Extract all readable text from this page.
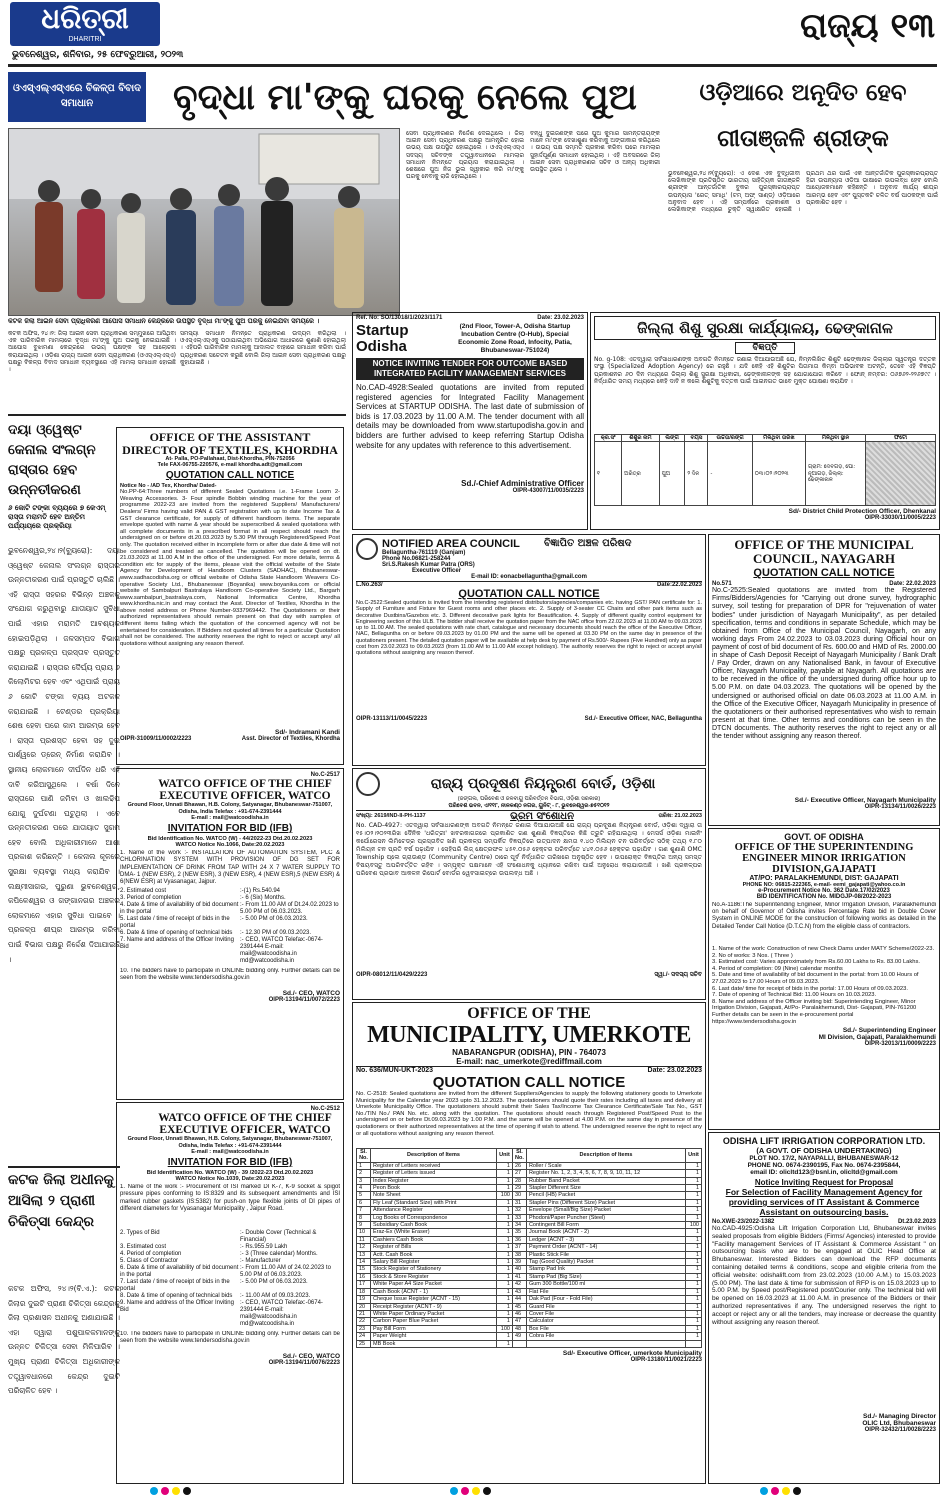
ଧରିତ୍ରୀ
DHARITRI
ଭୁବନେଶ୍ୱର, ଶନିବାର, ୨୫ ଫେବ୍ରୁଆରୀ, ୨୦୨୩
ରାଜ୍ୟ ୧୩
ଓଏସ୍ଏଲ୍ଏସ୍ଏରେ ବିକଳ୍ପ ବିବାଦ ସମାଧାନ	ବୃଦ୍ଧା ମା'ଙ୍କୁ ଘରକୁ ନେଲେ ପୁଅ	ଓଡ଼ିଆରେ ଅନୂଦିତ ହେବ ଗୀତାଞ୍ଜଳି ଶ୍ରୀଙ୍କ
କଟକ ଜିଲା ଆଇନ ସେବା ପ୍ରାଧିକରଣ ଆପୋସ ସମାଧାନ କେନ୍ଦ୍ରରେ ଉପସ୍ଥିତ ବୃଦ୍ଧା ମା'ଙ୍କୁ ପୁଅ ଘରକୁ ନେଇଯିବା ସମୟରେ ।
ସେବା ପ୍ରାଧିକରଣର ନିର୍ଦ୍ଦେଶ ଦେଇଥିଲେ । ଜିଲା ଆଇନ ସେବା ପ୍ରାଧିକରଣ ପକ୍ଷରୁ ଆମନ୍ତ୍ରିତ ହୋଇ ଉଭୟ ପକ୍ଷ ଉପସ୍ଥିତ ହୋଇଥିଲେ । ଓଏସ୍ଏଲ୍ଏସ୍ଏ ସଦସ୍ୟ ସଚିବଙ୍କ ତତ୍ତ୍ୱାବଧାନରେ ମାମଲାର ସମାଧାନ ନିମନ୍ତେ ପ୍ରୟାସ କରାଯାଇଥିଲା । ଶେଷରେ ପୁଅ ନିଜ ଭୁଲ ସ୍ୱୀକାର କରି ମା'ଙ୍କୁ ଘରକୁ ନେବାକୁ ରାଜି ହୋଇଥିଲେ ।
ବନ୍ଧୁ ଦୁଇଜଣଙ୍କ ପରେ ପୁଅ କୁମାର ସାମନ୍ତରାୟଙ୍କ ମାନେ ମା'ଙ୍କ ଦେଖାଶୁଣା କରିବାକୁ ଅଙ୍ଗୀକାର କରିଥିଲେ । ଉଭୟ ପକ୍ଷ ସମ୍ମତି ପ୍ରକାଶ କରିବା ପରେ ମାମଲାର ସୁହାର୍ଦ୍ଦପୂର୍ଣ୍ଣ ସମାଧାନ ହୋଇଥିଲା । ଏହି ଅବସରରେ ଜିଲା ଆଇନ ସେବା ପ୍ରାଧିକରଣର ସଚିବ ଓ ଅନ୍ୟ ଅଧିକାରୀ ଉପସ୍ଥିତ ଥିଲେ ।
ଭୁବନେଶ୍ୱର,୨୪।୨(ବ୍ୟୁରୋ): ଏ ଦେଶ ଏକ ବୁଦ୍ଧିଜୀବୀ ଲେଖିକାଙ୍କ ପ୍ରତିଷ୍ଠିତ ଭାରତୀୟ ସାହିତ୍ୟିକ ଗୀତାଞ୍ଜଳି ଶ୍ରୀଙ୍କ ଆନ୍ତର୍ଜାତିକ ବୁକର ପୁରସ୍କାରପ୍ରାପ୍ତ ଉପନ୍ୟାସ 'ରେତ୍ ସମାଧି' (ଟମ୍ ଅଫ୍ ସାଣ୍ଡ୍) ଓଡ଼ିଆରେ ଅନୁବାଦ ହେବ । ଏହି ସମ୍ପର୍କରେ ପ୍ରକାଶକ ଓ ଲେଖିକାଙ୍କ ମଧ୍ୟରେ ଚୁକ୍ତି ସ୍ୱାକ୍ଷରିତ ହୋଇଛି । ପ୍ରଥମ ଥର ପାଇଁ ଏକ ଆନ୍ତର୍ଜାତିକ ପୁରସ୍କାରପ୍ରାପ୍ତ ହିନ୍ଦୀ ଉପନ୍ୟାସ ଓଡ଼ିଆ ଭାଷାରେ ଉପଲବ୍ଧ ହେବ ବୋଲି ଆୟୋଜକମାନେ କହିଛନ୍ତି । ଅନୁବାଦ କାର୍ଯ୍ୟ ଶୀଘ୍ର ଆରମ୍ଭ ହେବ ଏବଂ ପୁସ୍ତକଟି ଚଳିତ ବର୍ଷ ପାଠକଙ୍କ ପାଇଁ ପ୍ରକାଶିତ ହେବ ।
କଟକ ଅଫିସ, ୨୪।୨: ଜିଲା ଆଇନ ସେବା ପ୍ରାଧିକରଣ ସମ୍ମୁଖରେ ଆସିଥିବା ଏକ ପାରିବାରିକ ମାମଲାରେ ବୃଦ୍ଧା ମା'ଙ୍କୁ ପୁଅ ଘରକୁ ନେଇଯାଇଛି । ଆପୋସ ବୁଝାମଣା କେନ୍ଦ୍ରରେ ଉଭୟ ପକ୍ଷଙ୍କ ସହ ଆଲୋଚନା କରାଯାଇଥିଲା । ଓଡ଼ିଶା ରାଜ୍ୟ ଆଇନ ସେବା ପ୍ରାଧିକରଣ (ଓଏସ୍ଏଲ୍ଏସ୍ଏ) ପକ୍ଷରୁ ବିକଳ୍ପ ବିବାଦ ସମାଧାନ ବ୍ୟବସ୍ଥାରେ ଏହି ମାମଲା ସମାଧାନ ହୋଇଛି ।
ସମସ୍ୟା ସମାଧାନ ନିମନ୍ତେ ପ୍ରାଧିକରଣ ଉଦ୍ୟମ କରିଥିଲା । ଓଏସ୍ଏଲ୍ଏସ୍ଏକୁ ପଠାଯାଇଥିବା ଅଭିଯୋଗ ଆଧାରରେ ଶୁଣାଣି ହୋଇଥିଲା । ଏହିପରି ପାରିବାରିକ ମାମଲାକୁ ଆଦାଲତ ବାହାରେ ସମାଧାନ କରିବା ପାଇଁ ପ୍ରାଧିକରଣ ସଚେତନ କରୁଛି ବୋଲି ଜିଲା ଆଇନ ସେବା ପ୍ରାଧିକରଣ ପକ୍ଷରୁ କୁହାଯାଇଛି ।
ଦୟା ଓ୍ୱେଷ୍ଟ କେନାଲ ସଂଲଗ୍ନ ରାସ୍ତାର ହେବ ଉନ୍ନତୀକରଣ
୬ କୋଟି ଟଙ୍କା ବ୍ୟୟରେ ୭ କେଏମ୍ ରାସ୍ତା ମରାମତି ହେବ ଅନ୍ତିମ ପର୍ଯ୍ୟାୟରେ ପ୍ରକ୍ରିୟା
ଭୁବନେଶ୍ୱର,୨୪।୨(ବ୍ୟୁରୋ): ଦୟା ଓ୍ୱେଷ୍ଟ କେନାଲ ସଂଲଗ୍ନ ରାସ୍ତାର ଉନ୍ନତୀକରଣ ପାଇଁ ପ୍ରସ୍ତୁତି ଚାଲିଛି । ଏହି ରାସ୍ତା ସହରର ବିଭିନ୍ନ ଅଞ୍ଚଳକୁ ସଂଯୋଗ କରୁଥିବାରୁ ଯାତାୟାତ ସୁବିଧା ପାଇଁ ଏହାର ମରାମତି ଆବଶ୍ୟକ ହୋଇପଡ଼ିଥିଲା । ଜଳସମ୍ପଦ ବିଭାଗ ପକ୍ଷରୁ ପ୍ରକଳ୍ପ ପ୍ରସ୍ତାବ ପ୍ରସ୍ତୁତ କରାଯାଇଛି । ରାସ୍ତାର ଦୈର୍ଘ୍ୟ ପ୍ରାୟ ୭ କିଲୋମିଟର ହେବ ଏବଂ ଏଥିପାଇଁ ପ୍ରାୟ ୬ କୋଟି ଟଙ୍କା ବ୍ୟୟ ଅଟକଳ କରାଯାଇଛି । ଟେଣ୍ଡର ପ୍ରକ୍ରିୟା ଶେଷ ହେବା ପରେ କାମ ଆରମ୍ଭ ହେବ । ରାସ୍ତା ପ୍ରଶସ୍ତ ହେବା ସହ ଦୁଇ ପାର୍ଶ୍ୱରେ ଡ୍ରେନ୍ ନିର୍ମାଣ କରାଯିବ । ସ୍ଥାନୀୟ ଲୋକମାନେ ଦୀର୍ଘଦିନ ଧରି ଏହି ଦାବି କରିଆସୁଥିଲେ । ବର୍ଷା ଦିନେ ରାସ୍ତାରେ ପାଣି ଜମିବା ଓ ଖାଲଢିପ ଯୋଗୁ ଦୁର୍ଘଟଣା ଘଟୁଥିଲା । ଏବେ ଉନ୍ନତୀକରଣ ପରେ ଯାତାୟାତ ସୁଗମ ହେବ ବୋଲି ଅଧିକାରୀମାନେ ଆଶା ପ୍ରକାଶ କରିଛନ୍ତି । କେନାଲ କୂଳରେ ସୁରକ୍ଷା ବ୍ୟବସ୍ଥା ମଧ୍ୟ କରାଯିବ । ଲକ୍ଷ୍ମୀସାଗର, ପୁରୁଣା ଭୁବନେଶ୍ୱର, କପିଳେଶ୍ୱର ଓ ଗଙ୍ଗାନଗର ଅଞ୍ଚଳର ଲୋକମାନେ ଏହାର ସୁବିଧା ପାଇବେ । ପ୍ରକଳ୍ପ ଶୀଘ୍ର ଆରମ୍ଭ କରିବା ପାଇଁ ବିଭାଗ ପକ୍ଷରୁ ନିର୍ଦ୍ଦେଶ ଦିଆଯାଇଛି ।
କଟକ ଜିଲା ଅଧୀନକୁ ଆସିଲା ୨ ପ୍ରାଣୀ ଚିକିତ୍ସା କେନ୍ଦ୍ର
କଟକ ଅଫିସ, ୨୪।୨(ବି.ଏ.): କଟକ ଜିଲାର ଦୁଇଟି ପ୍ରାଣୀ ଚିକିତ୍ସା କେନ୍ଦ୍ରକୁ ଜିଲା ପ୍ରଶାସନ ଅଧୀନକୁ ଅଣାଯାଇଛି । ଏହା ଦ୍ୱାରା ପଶୁପାଳକମାନଙ୍କୁ ଉନ୍ନତ ଚିକିତ୍ସା ସେବା ମିଳିପାରିବ । ମୁଖ୍ୟ ପ୍ରାଣୀ ଚିକିତ୍ସା ଅଧିକାରୀଙ୍କ ତତ୍ତ୍ୱାବଧାନରେ କେନ୍ଦ୍ର ଦୁଇଟି ପରିଚାଳିତ ହେବ ।
OFFICE OF THE ASSISTANT DIRECTOR OF TEXTILES, KHORDHA
At- Palla, PO-Pallahaat, Dist-Khordha, PIN-752056
Tele FAX-06755-220576, e-mail khordha.adt@gmail.com
QUOTATION CALL NOTICE
Notice No - /AD Tex, Khordha/ Dated-
No.PP-64:Three numbers of different Sealed Quotations i.e. 1-Frame Loom 2- Weaving Accessories. 3- Four spindle Bobbin winding machine for the year of programme 2022-23 are invited from the registered Suppliers/ Manufacturers/ Dealers/ Firms having valid PAN & GST registration with up to date Income Tax & GST clearance certificate, for supply of different handloom items. The separate envelope quoted with name & year should be superscribed & sealed quotations with all complete documents in a prescribed format in all respect should reach the undersigned on or before dt.20.03.2023 by 5.30 PM through Registered/Speed Post only. The quotation received either in incomplete form or after due date & time will not be considered and treated as cancelled. The quotation will be opened on dt. 21.03.2023 at 11.00 A.M in the office of the undersigned. For more details, terms & condition etc for supply of the items, please visit the official website of the State Agency for Development of Handloom Clusters (SADHAC), Bhubaneswar-www.sadhacodisha.org or official website of Odisha State Handloom Weavers Co-operative Society Ltd., Bhubaneswar (Boyanika) www.boyanika.com or official website of Sambalpuri Bastralaya Handloom Co-operative Society Ltd., Bargarh www.sambalpuri_bastralaya.com, National Informatics Centre, Khordha www.khordha.nic.in and may contact the Asst. Director of Textiles, Khordha in the above noted address or Phone Number-9337969442. The Quotationers or their authorized representatives should remain present on that day with samples of different items failing which the quotation of the concerned agency will not be entertained for consideration. If Bidders not quoted all times for a particular Quotation shall not be considered. The authority reserves the right to reject or accept any/ all quotations without assigning any reason thereof.
Sd/- Indramani Kandi
OIPR-31009/11/0002/2223	Asst. Director of Textiles, Khordha
Ref. No: SO/13018/1/2023/1171	Date: 23.02.2023
Startup Odisha
(2nd Floor, Tower-A, Odisha Startup Incubation Centre (O-Hub), Special Economic Zone Road, Infocity, Patia, Bhubaneswar-751024)
NOTICE INVITING TENDER FOR OUTCOME BASED INTEGRATED FACILITY MANAGEMENT SERVICES
No.CAD-4928:Sealed quotations are invited from reputed registered agencies for Integrated Facility Management Services at STARTUP ODISHA. The last date of submission of bids is 17.03.2023 by 11.00 A.M. The tender document with all details may be downloaded from www.startupodisha.gov.in and bidders are further advised to keep referring Startup Odisha website for any updates with reference to this advertisement.
Sd./-Chief Administrative Officer
OIPR-43007/11/0035/2223
ଜିଲ୍ଲା ଶିଶୁ ସୁରକ୍ଷା କାର୍ଯ୍ୟାଳୟ, ଢେଙ୍କାନାଳ
ବିଜ୍ଞପ୍ତି
No. g-108: ଏତଦ୍ୱାରା ସର୍ବସାଧାରଣଙ୍କ ଅବଗତି ନିମନ୍ତେ ଜଣାଇ ଦିଆଯାଉଅଛି ଯେ, ନିମ୍ନଲିଖିତ ଶିଶୁଟି ଢେଙ୍କାନାଳ ଜିଲ୍ଲାର ସ୍ୱତନ୍ତ୍ର ଦତ୍ତକ ସଂସ୍ଥା (Specialized Adoption Agency) ରେ ରହୁଛି । ଯଦି କେହି ଏହି ଶିଶୁଟିର ପିତାମାତା କିମ୍ବା ଅଭିଭାବକ ଅଟନ୍ତି, ତେବେ ଏହି ବିଜ୍ଞପ୍ତି ପ୍ରକାଶନର ୬୦ ଦିନ ମଧ୍ୟରେ ଜିଲ୍ଲା ଶିଶୁ ସୁରକ୍ଷା ଅଧିକାରୀ, ଢେଙ୍କାନାଳଙ୍କ ସହ ଯୋଗାଯୋଗ କରିବେ । ଫୋନ୍ ନମ୍ବର: ୦୬୭୬୨-୨୨୬୭୯୯ । ନିର୍ଦ୍ଧାରିତ ସମୟ ମଧ୍ୟରେ କେହି ଦାବି ନ କଲେ ଶିଶୁଟିକୁ ଦତ୍ତକ ପାଇଁ ଆଇନଗତ ଭାବେ ମୁକ୍ତ ଘୋଷଣା କରାଯିବ ।
କ୍ର.ସଂ	ଶିଶୁର ନାମ	ଲିଙ୍ଗ	ବୟସ	ଉଚ୍ଚତା/ରଙ୍ଗ	ମିଳିଥିବା ତାରିଖ	ମିଳିଥିବା ସ୍ଥାନ	ଫଟୋ
୧	ଅରିତ୍ର	ପୁଅ	୨ ଦିନ	-	୦୩।୦୨।୨୦୨୩	ଗ୍ରାମ: ଦେବଗଡ଼, ପୋ: ନୂଆଗଡ଼, ଜିଲ୍ଲା: ଢେଙ୍କାନାଳ	
Sd/- District Child Protection Officer, Dhenkanal
OIPR-33030/11/0005/2223
NOTIFIED AREA COUNCIL
Bellaguntha-761119 (Ganjam)
Phone No.06821-258244
Sri.S.Rakesh Kumar Patra (ORS)
Executive Officer
ବିଜ୍ଞାପିତ ଅଞ୍ଚଳ ପରିଷଦ
E-mail ID: eonacbellaguntha@gmail.com
L.No.263/	Date:22.02.2023
QUOTATION CALL NOTICE
No.C-2522:Sealed quotation is invited from the intending registered distributors/agencies/companies etc. having GST/ PAN certificate for: 1. Supply of Furniture and Fixture for Guest rooms and other places etc. 2. Supply of 3-seater CC Chairs and other park items such as decorative Dustbins/Gazebos etc. 3. Different decorative park lights for Beautification. 4. Supply of different quality control equipment for Engineering section of this ULB. The bidder shall receive the quotation paper from the NAC office from 22.02.2023 at 11.00 AM to 09.03.2023 up to 11.00 AM. The sealed quotations with rate chart, catalogue and necessary documents should reach the office of the Executive Officer, NAC, Bellaguntha on or before 09.03.2023 by 01.00 PM and the same will be opened at 03.30 PM on the same day in presence of the quotationers present. The detailed quotation paper will be available at help desk by payment of Rs.500/- Rupees (Five Hundred) only as paper cost from 23.02.2023 to 09.03.2023 (from 11.00 AM to 11.00 AM except holidays). The authority reserves the right to reject or accept any/all quotations without assigning any reason thereof.
OIPR-13113/11/0045/2223	Sd./- Executive Officer, NAC, Bellaguntha
OFFICE OF THE MUNICIPAL COUNCIL, NAYAGARH
QUOTATION CALL NOTICE
No.571	Date: 22.02.2023
No.C-2525:Sealed quotations are invited from the Registered Firms/Bidders/Agencies for "Carrying out drone survey, hydrographic survey, soil testing for preparation of DPR for "rejuvenation of water bodies" under jurisdiction of Nayagarh Municipality", as per detailed specification, terms and conditions in separate Schedule, which may be obtained from Office of the Municipal Council, Nayagarh, on any working days From 24.02.2023 to 03.03.2023 during Official hour on payment of cost of bid document of Rs. 600.00 and HMD of Rs. 2000.00 in shape of Cash Deposit Receipt of Nayagarh Municipality / Bank Draft / Pay Order, drawn on any Nationalised Bank, in favour of Executive Officer, Nayagarh Municipality, payable at Nayagarh. All quotations are to be received in the office of the undersigned during office hour up to 5.00 P.M. on date 04.03.2023. The quotations will be opened by the undersigned or authorised official on date 06.03.2023 at 11.00 A.M. in the Office of the Executive Officer, Nayagarh Municipality in presence of the quotationers or their authorised representatives who wish to remain present at that time. Other terms and conditions can be seen in the DTCN documents. The authority reserves the right to reject any or all the tender without assigning any reason thereof.
Sd./- Executive Officer, Nayagarh Municipality
OIPR-13134/11/0026/2223
No.C-2517
WATCO OFFICE OF THE CHIEF EXECUTIVE OFFICER, WATCO
Ground Floor, Unnati Bhawan, H.B. Colony, Satyanagar, Bhubaneswar-751007, Odisha, India Telefax : +91-674-2391444
E-mail : mail@watcoodisha.in
INVITATION FOR BID (IFB)
Bid Identification No. WATCO (W) - 44/2022-23 Dtd.20.02.2023
WATCO Notice No.1066, Date:20.02.2023
1. Name of the work :- INSTALLATION OF AUTOMATION SYSTEM, PLC & CHLORINATION SYSTEM WITH PROVISION OF DG SET FOR IMPLEMENTATION OF DRINK FROM TAP WITH 24 X 7 WATER SUPPLY TO DMA- 1 (NEW ESR), 2 (NEW ESR), 3 (NEW ESR), 4 (NEW ESR),5 (NEW ESR) & 6(NEW ESR) at Vyasanagar, Jajpur.
2. Estimated cost	:-(1) Rs.540.94
3. Period of completion	:- 6 (Six) Months.
4. Date & time of availability of bid document in the portal
:- From 11.00 AM of Dt.24.02.2023 to 5.00 PM of 06.03.2023.
5. Last date / time of receipt of bids in the portal
:- 5.00 PM of 06.03.2023.
6. Date & time of opening of technical bids	:- 12.30 PM of 09.03.2023.
7. Name and address of the Officer Inviting Bid
:- CEO, WATCO Telefax:-0674-2391444 E-mail: mail@watcoodisha.in md@watcoodisha.in
10. The bidders have to participate in ONLINE bidding only. Further details can be seen from the website www.tendersodisha.gov.in
Sd./- CEO, WATCO
OIPR-13194/11/0072/2223
No.C-2512
WATCO OFFICE OF THE CHIEF EXECUTIVE OFFICER, WATCO
Ground Floor, Unnati Bhawan, H.B. Colony, Satyanagar, Bhubaneswar-751007, Odisha, India Telefax : +91-674-2391444
E-mail : mail@watcoodisha.in
INVITATION FOR BID (IFB)
Bid Identification No. WATCO (W) - 39 /2022-23 Dtd.20.02.2023
WATCO Notice No.1039, Date:20.02.2023
1. Name of the work :- Procurement of ISI marked DI K-7, K-9 socket & spigot pressure pipes conforming to IS:8329 and its subsequent amendments and ISI marked rubber gaskets (IS:5382) for push-on type flexible joints of DI pipes of different diameters for Vyasanagar Municipality , Jaipur Road.
2. Types of Bid	:- Double Cover (Technical & Financial)
3. Estimated cost	:- Rs.955.59 Lakh
4. Period of completion	:- 3 (Three calendar) Months.
5. Class of Contractor	:- Manufacturer
6. Date & time of availability of bid document in the portal
:- From 11.00 AM of 24.02.2023 to 5.00 PM of 06.03.2023.
7. Last date / time of receipt of bids in the portal
:- 5.00 PM of 06.03.2023.
8. Date & time of opening of technical bids	:- 11.00 AM of 09.03.2023.
9. Name and address of the Officer Inviting Bid
:- CEO, WATCO Telefax:-0674-2391444 E-mail: mail@watcoodisha.in md@watcoodisha.in
10. The bidders have to participate in ONLINE bidding only. Further details can be seen from the website www.tendersodisha.gov.in
Sd./- CEO, WATCO
OIPR-13194/11/0076/2223
ରାଜ୍ୟ ପ୍ରଦୂଷଣ ନିୟନ୍ତ୍ରଣ ବୋର୍ଡ, ଓଡ଼ିଶା
(ଜଙ୍ଗଲ, ପରିବେଶ ଓ ଜଳବାୟୁ ପରିବର୍ତ୍ତନ ବିଭାଗ, ଓଡ଼ିଶା ସରକାର)
ପରିବେଶ ଭବନ, ଏ/୧୧୮, ନୀଳକଣ୍ଠ ନଗର, ୟୁନିଟ୍ - ୮, ଭୁବନେଶ୍ୱର-୭୫୧୦୧୨
ସଂଖ୍ୟା: 2619/IND-II-PH-1137	ଭ୍ରମ ସଂଶୋଧନ	ତାରିଖ: 21.02.2023
No. CAD-4927: ଏତଦ୍ୱାରା ସର୍ବସାଧାରଣଙ୍କ ଅବଗତି ନିମନ୍ତେ ଜଣାଇ ଦିଆଯାଉଅଛି ଯେ ରାଜ୍ୟ ପ୍ରଦୂଷଣ ନିୟନ୍ତ୍ରଣ ବୋର୍ଡ, ଓଡ଼ିଶା ଦ୍ୱାରା ତା ୧୫।୦୨।୨୦୨୩ରିଖ ଦୈନିକ 'ଧରିତ୍ରୀ' ଖବରକାଗଜରେ ପ୍ରକାଶିତ ଗଣ ଶୁଣାଣି ବିଜ୍ଞପ୍ତିରେ କିଛି ତ୍ରୁଟି ରହିଯାଇଥିଲା । ମେସର୍ସ ଓଡ଼ିଶା ମାଇନିଂ କର୍ପୋରେସନ ଲିମିଟେଡ୍‌ର ପ୍ରସ୍ତାବିତ ଖଣି ପ୍ରକଳ୍ପ ସମ୍ପର୍କିତ ବିଜ୍ଞପ୍ତିରେ ଉତ୍ପାଦନ କ୍ଷମତା ୧.୪୦ ମିଲିୟନ ଟନ ପରିବର୍ତ୍ତେ ସଠିକ୍ ତଥ୍ୟ ୧.୮୦ ମିଲିୟନ ଟନ ପ୍ରତି ବର୍ଷ ପଢ଼ାଯିବ । ସେହିପରି ଲିଜ୍ କ୍ଷେତ୍ରଫଳ ୪୫୧.୦୫୬ ହେକ୍ଟର ପରିବର୍ତ୍ତେ ୪୪୧.୦୫୬ ହେକ୍ଟର ପଢ଼ାଯିବ । ଗଣ ଶୁଣାଣି OMC Township ପ୍ଲେ ଗ୍ରାଉଣ୍ଡ (Community Centre) ଠାରେ ପୂର୍ବ ନିର୍ଦ୍ଧାରିତ ତାରିଖରେ ଅନୁଷ୍ଠିତ ହେବ । ଉପରୋକ୍ତ ବିଜ୍ଞପ୍ତିର ଅନ୍ୟ ସମସ୍ତ ବିଷୟବସ୍ତୁ ଅପରିବର୍ତ୍ତିତ ରହିବ । ସମ୍ପୃକ୍ତ ପକ୍ଷମାନେ ଏହି ସଂଶୋଧନକୁ ଧ୍ୟାନରେ ରଖିବା ପାଇଁ ଅନୁରୋଧ କରାଯାଉଅଛି । ଖଣି ପ୍ରକଳ୍ପର ପରିବେଶ ପ୍ରଭାବ ଆକଳନ ରିପୋର୍ଟ ବୋର୍ଡର ୱେବସାଇଟ୍‌ରେ ଉପଲବ୍ଧ ଅଛି ।
OIPR-08012/11/0429/2223	ସ୍ୱା./- ସଦସ୍ୟ ସଚିବ
GOVT. OF ODISHA
OFFICE OF THE SUPERINTENDING ENGINEER MINOR IRRIGATION DIVISION,GAJAPATI
AT/PO: PARALAKHEMUNDI, DIST: GAJAPATI
PHONE NO: 06815-222365, e-mail- eemi_gajapati@yahoo.co.in
e-Procurement Notice No. 362 Date.17/02/2023
BID IDENTIFICATION No. MIDGJP-08/2022-2023
No.A-1186:The Superintending Engineer, Minor Irrigation Division, Paralakhemundi on behalf of Governor of Odisha invites Percentage Rate bid in Double Cover System in ONLINE MODE for the construction of following works as detailed in the Detailed Tender Call Notice (D.T.C.N) from the eligible class of contractors.

1. Name of the work: Construction of new Check Dams under MATY Scheme/2022-23.

2. No of works: 3 Nos. ( Three )

3. Estimated cost: Varies approximately from Rs.60.00 Lakhs to Rs. 83.00 Lakhs.

4. Period of completion: 09 (Nine) calendar months

5. Date and time of availability of bid document in the portal: from 10.00 Hours of 27.02.2023 to 17.00 Hours of 09.03.2023.

6. Last date/ time for receipt of bids in the portal: 17.00 Hours of 09.03.2023.

7. Date of opening of Technical Bid: 11.00 Hours on 10.03.2023.

8. Name and address of the Officer inviting bid: Superintending Engineer, Minor Irrigation Division, Gajapati, At/Po- Paralakhemundi, Dist- Gajapati, PIN-761200

Further details can be seen in the e-procurement portal https://www.tendersodisha.gov.in

Sd./- Superintending Engineer
MI Division, Gajapati, Paralakhemundi
OIPR-32013/11/0009/2223
OFFICE OF THE
MUNICIPALITY, UMERKOTE
NABARANGPUR (ODISHA), PIN - 764073
E-mail: nac_umerkote@rediffmail.com
No. 636/MUN-UKT-2023	Date: 23.02.2023
QUOTATION CALL NOTICE
No. C-2518: Sealed quotations are invited from the different Suppliers/Agencies to supply the following stationery goods to Umerkote Municipality for the Calendar year 2023 upto 31.12.2023. The quotationers should quote their rates including all taxes and delivery at Umerkote Municipality Office. The quotationers should submit their Sales Tax/Income Tax Clearance Certificate/Sale Tax No., GST No./TIN No./ PAN No. etc. along with the quotation. The quotations should reach through Registered Post/Speed Post to the undersigned on or before Dt.09.03.2023 by 1.00 P.M. and the same will be opened at 4.00 P.M. on the same day in presence of the quotationers or their authorized representatives at the time of opening if wish to attend. The undersigned reserve the right to reject any or all quotations without assigning any reason thereof.
Sl. No.	Description of Items	Unit	Sl. No.	Description of Items	Unit
1	Register of Letters received	1	26	Roller / Scale	1
2	Register of Letters issued	1	27	Register No. 1, 2, 3, 4, 5, 6, 7, 8, 9, 10, 11, 12	1
3	Index Register	1	28	Rubber Band Packet	1
4	Peon Book	1	29	Stapler Different Size	1
5	Note Sheet	100	30	Pencil (HB) Packet	1
6	Fly Leaf (Standard Size) with Print	1	31	Stapler Pins (Different Size) Packet	1
7	Attendance Register	1	32	Envelope (Small/Big Size) Packet	1
8	Log Books of Correspondence	1	33	Phodoni/Paper Puncher (Steel)	1
9	Subsidiary Cash Book	1	34	Contingent Bill Form	100
10	Eraz-Ex (White Eraser)	1	35	Journal Book (ACNT - 2)	1
11	Cashiers Cash Book	1	36	Ledger (ACNT - 3)	1
12	Register of Bills	1	37	Payment Order (ACNT - 14)	1
13	Actt. Cash Book	1	38	Plastic Stick File	1
14	Salary Bill Register	1	39	Tag (Good Quality) Packet	1
15	Stock Register of Stationery	1	40	Stamp Pad Ink	1
16	Stock & Store Register	1	41	Stamp Pad (Big Size)	1
17	White Paper A4 Size Packet	1	42	Gum 300 Bottle/100 ml	1
18	Cash Book (ACNT - 1)	1	43	Flat File	1
19	Cheque Issue Register (ACNT - 15)	1	44	Dak Pad (Four - Fold File)	1
20	Receipt Register (ACNT - 9)	1	45	Guard File	1
21	White Paper Ordinary Packet	1	46	Cover File	1
22	Carbon Paper Blue Packet	1	47	Calculator	1
23	Pay Bill Form	100	48	Box File	1
24	Paper Weight	1	49	Cobra File	1
25	MB Book	1			
Sd/- Executive Officer, umerkote Municipality
OIPR-13180/11/0021/2223
ODISHA LIFT IRRIGATION CORPORATION LTD.
(A GOVT. OF ODISHA UNDERTAKING)
PLOT NO. 17/2, NAYAPALLI, BHUBANESWAR-12
PHONE NO. 0674-2390195, Fax No. 0674-2395844,
email ID: olicltd123@bsnl.in, olicltd@gmail.com
Notice Inviting Request for Proposal
For Selection of Facility Management Agency for providing services of IT Assistant & Commerce Assistant on outsourcing basis.
No.XWE-23/2022-1382	Dt.23.02.2023
No.CAD-4925:Odisha Lift Irrigation Corporation Ltd, Bhubaneswar invites sealed proposals from eligible Bidders (Firms/ Agencies) interested to provide "Facility management Services of IT Assistant & Commerce Assistant " on outsourcing basis who are to be engaged at OLIC Head Office at Bhubaneswar. Interested Bidders can download the RFP documents containing detailed terms & conditions, scope and eligible criteria from the official website: odishalift.com from 23.02.2023 (10.00 A.M.) to 15.03.2023 (5.00 PM). The last date & time for submission of RFP is on 15.03.2023 up to 5.00 P.M. by Speed post/Registered post/Courier only. The technical bid will be opened on 16.03.2023 at 11.00 A.M. in presence of the Bidders or their authorized representatives if any. The undersigned reserves the right to accept or reject any or all the tenders, may increase or decrease the quantity without assigning any reason thereof.
Sd./- Managing Director
OLIC Ltd, Bhubaneswar
OIPR-32432/11/0028/2223
